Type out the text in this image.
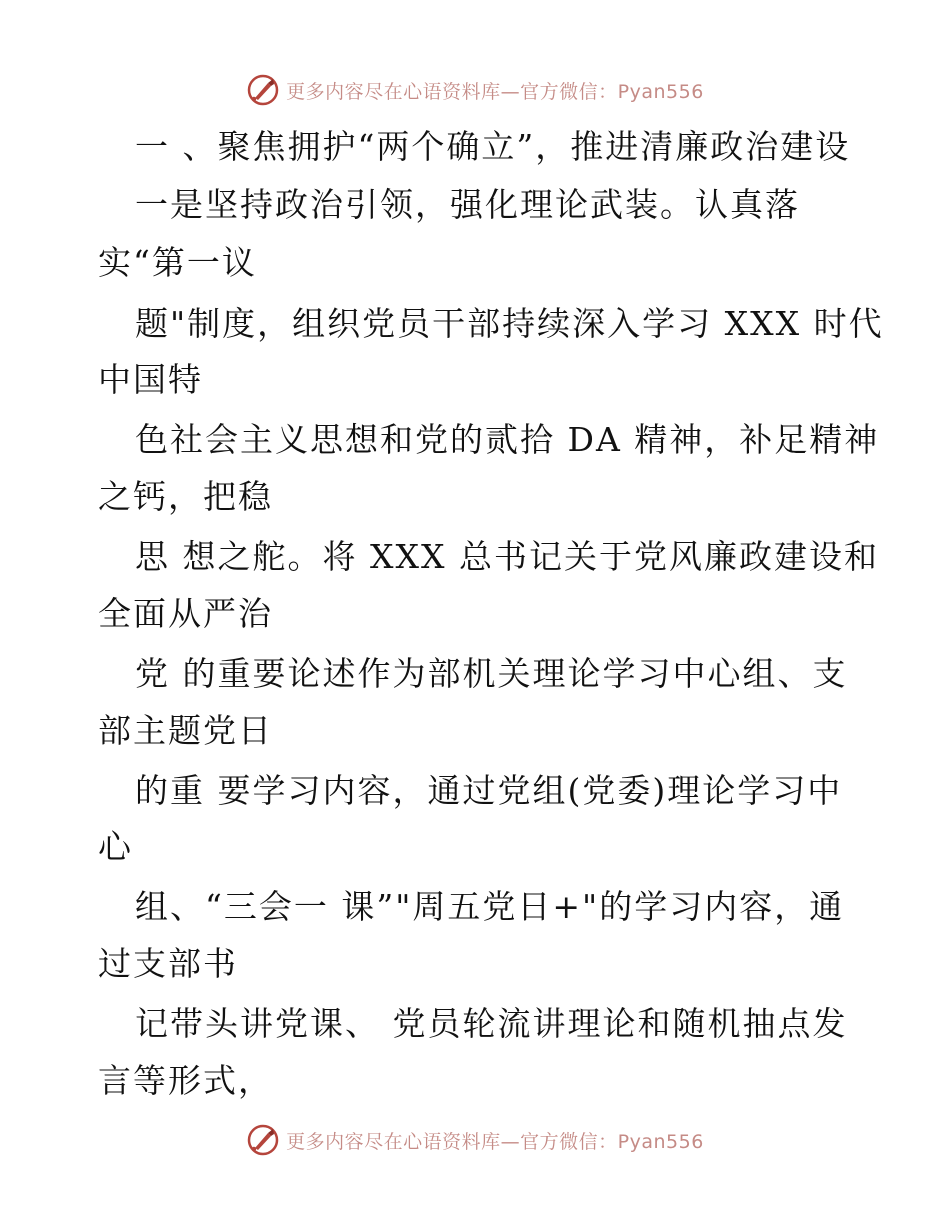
更多内容尽在心语资料库—官方微信：Pyan556
一 、聚焦拥护“两个确立”，推进清廉政治建设
一是坚持政治引领，强化理论武装。认真落
实“第一议
题"制度，组织党员干部持续深入学习 XXX 时代
中国特
色社会主义思想和党的贰拾 DA 精神，补足精神
之钙，把稳
思 想之舵。将 XXX 总书记关于党风廉政建设和
全面从严治
党 的重要论述作为部机关理论学习中心组、支
部主题党日
的重 要学习内容，通过党组(党委)理论学习中
心
组、“三会一 课”"周五党日+"的学习内容，通
过支部书
记带头讲党课、 党员轮流讲理论和随机抽点发
言等形式，
更多内容尽在心语资料库—官方微信：Pyan556
